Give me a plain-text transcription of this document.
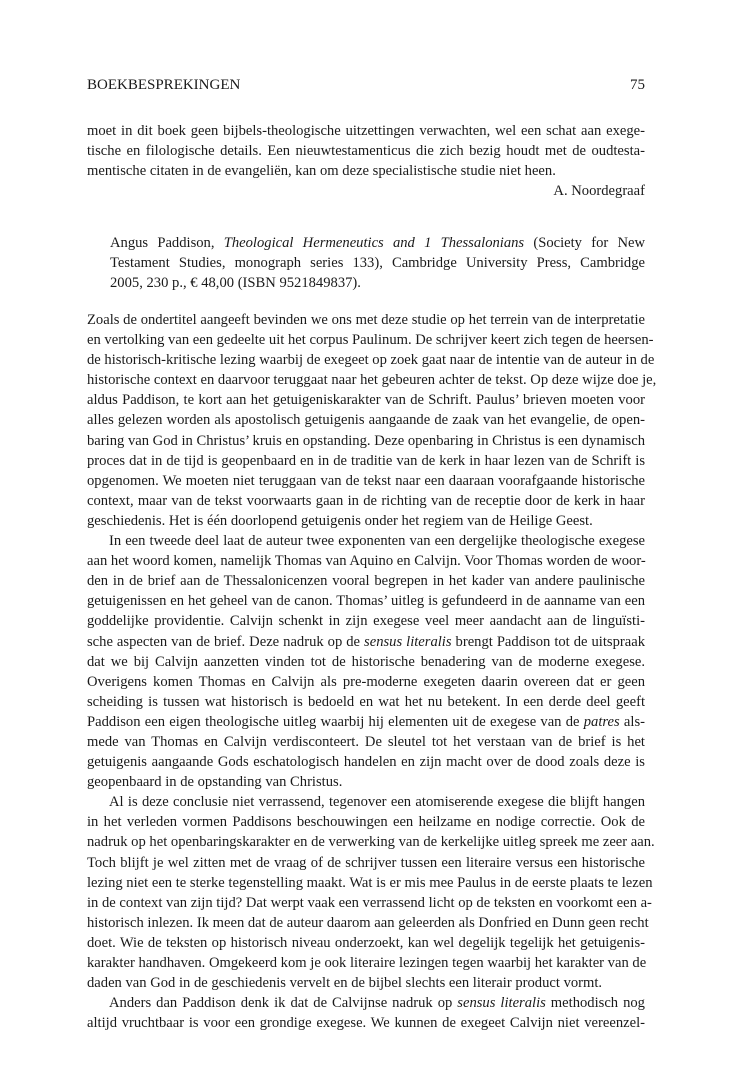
BOEKBESPREKINGEN	75
moet in dit boek geen bijbels-theologische uitzettingen verwachten, wel een schat aan exege-
tische en filologische details. Een nieuwtestamenticus die zich bezig houdt met de oudtesta-
mentische citaten in de evangeliën, kan om deze specialistische studie niet heen.
A. Noordegraaf
Angus Paddison, Theological Hermeneutics and 1 Thessalonians (Society for New
Testament Studies, monograph series 133), Cambridge University Press, Cambridge
2005, 230 p., € 48,00 (ISBN 9521849837).
Zoals de ondertitel aangeeft bevinden we ons met deze studie op het terrein van de interpretatie
en vertolking van een gedeelte uit het corpus Paulinum. De schrijver keert zich tegen de heersen-
de historisch-kritische lezing waarbij de exegeet op zoek gaat naar de intentie van de auteur in de
historische context en daarvoor teruggaat naar het gebeuren achter de tekst. Op deze wijze doe je,
aldus Paddison, te kort aan het getuigeniskarakter van de Schrift. Paulus’ brieven moeten voor
alles gelezen worden als apostolisch getuigenis aangaande de zaak van het evangelie, de open-
baring van God in Christus’ kruis en opstanding. Deze openbaring in Christus is een dynamisch
proces dat in de tijd is geopenbaard en in de traditie van de kerk in haar lezen van de Schrift is
opgenomen. We moeten niet teruggaan van de tekst naar een daaraan voorafgaande historische
context, maar van de tekst voorwaarts gaan in de richting van de receptie door de kerk in haar
geschiedenis. Het is één doorlopend getuigenis onder het regiem van de Heilige Geest.
In een tweede deel laat de auteur twee exponenten van een dergelijke theologische exegese
aan het woord komen, namelijk Thomas van Aquino en Calvijn. Voor Thomas worden de woor-
den in de brief aan de Thessalonicenzen vooral begrepen in het kader van andere paulinische
getuigenissen en het geheel van de canon. Thomas’ uitleg is gefundeerd in de aanname van een
goddelijke providentie. Calvijn schenkt in zijn exegese veel meer aandacht aan de linguïsti-
sche aspecten van de brief. Deze nadruk op de sensus literalis brengt Paddison tot de uitspraak
dat we bij Calvijn aanzetten vinden tot de historische benadering van de moderne exegese.
Overigens komen Thomas en Calvijn als pre-moderne exegeten daarin overeen dat er geen
scheiding is tussen wat historisch is bedoeld en wat het nu betekent. In een derde deel geeft
Paddison een eigen theologische uitleg waarbij hij elementen uit de exegese van de patres als-
mede van Thomas en Calvijn verdisconteert. De sleutel tot het verstaan van de brief is het
getuigenis aangaande Gods eschatologisch handelen en zijn macht over de dood zoals deze is
geopenbaard in de opstanding van Christus.
Al is deze conclusie niet verrassend, tegenover een atomiserende exegese die blijft hangen
in het verleden vormen Paddisons beschouwingen een heilzame en nodige correctie. Ook de
nadruk op het openbaringskarakter en de verwerking van de kerkelijke uitleg spreek me zeer aan.
Toch blijft je wel zitten met de vraag of de schrijver tussen een literaire versus een historische
lezing niet een te sterke tegenstelling maakt. Wat is er mis mee Paulus in de eerste plaats te lezen
in de context van zijn tijd? Dat werpt vaak een verrassend licht op de teksten en voorkomt een a-
historisch inlezen. Ik meen dat de auteur daarom aan geleerden als Donfried en Dunn geen recht
doet. Wie de teksten op historisch niveau onderzoekt, kan wel degelijk tegelijk het getuigenis-
karakter handhaven. Omgekeerd kom je ook literaire lezingen tegen waarbij het karakter van de
daden van God in de geschiedenis vervelt en de bijbel slechts een literair product vormt.
Anders dan Paddison denk ik dat de Calvijnse nadruk op sensus literalis methodisch nog
altijd vruchtbaar is voor een grondige exegese. We kunnen de exegeet Calvijn niet vereenzel-
